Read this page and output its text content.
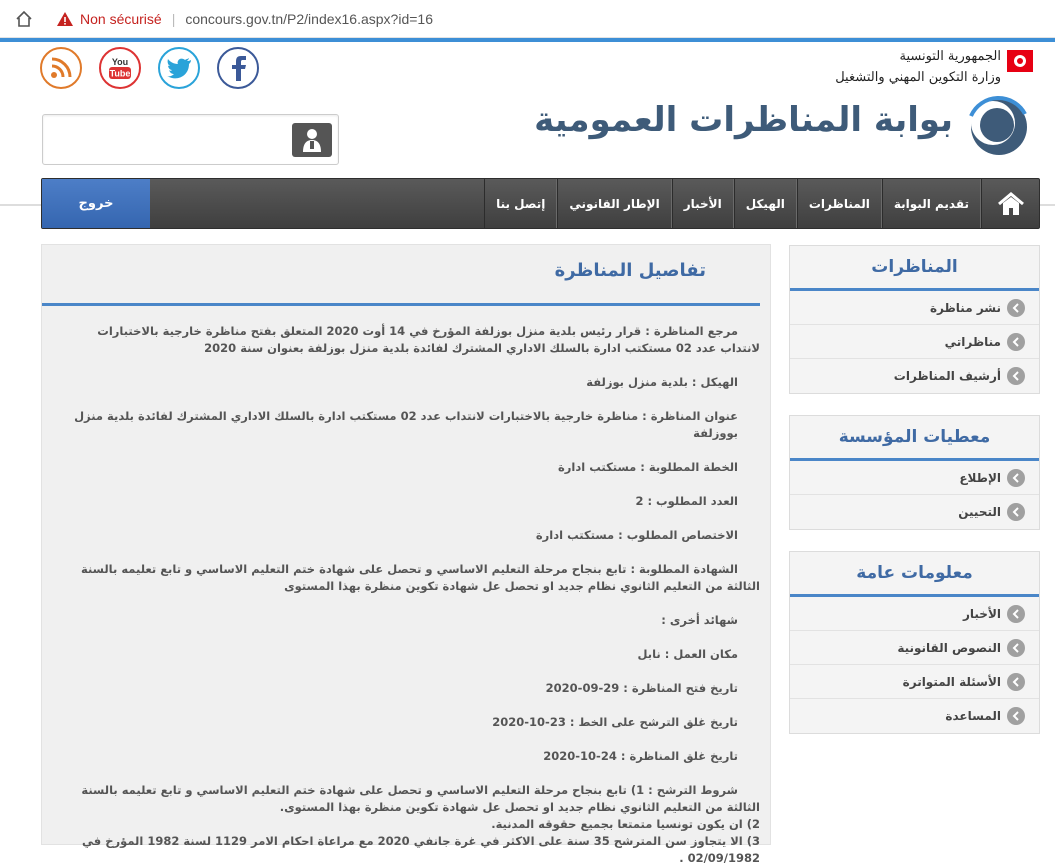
Non sécurisé | concours.gov.tn/P2/index16.aspx?id=16
You
Tube
الجمهورية التونسية
وزارة التكوين المهني والتشغيل
بوابة المناظرات العمومية
تقديم البوابة
المناظرات
الهيكل
الأخبار
الإطار القانوني
إتصل بنا
خروج
تفاصيل المناظرة
مرجع المناظرة : قرار رئيس بلدية منزل بوزلفة المؤرخ في 14 أوت 2020 المتعلق بفتح مناظرة خارجية بالاختبارات لانتداب عدد 02 مستكتب ادارة بالسلك الاداري المشترك لفائدة بلدية منزل بوزلفة بعنوان سنة 2020
الهيكل : بلدية منزل بوزلفة
عنوان المناظرة : مناظرة خارجية بالاختبارات لانتداب عدد 02 مستكتب ادارة بالسلك الاداري المشترك لفائدة بلدية منزل بووزلفة
الخطة المطلوبة : مستكتب ادارة
العدد المطلوب : 2
الاختصاص المطلوب : مستكتب ادارة
الشهادة المطلوبة : تابع بنجاح مرحلة التعليم الاساسي و تحصل على شهادة ختم التعليم الاساسي و تابع تعليمه بالسنة الثالثة من التعليم الثانوي نظام جديد او تحصل عل شهادة تكوين منظرة بهذا المستوى
شهائد أخرى :
مكان العمل : نابل
تاريخ فتح المناظرة : 29-09-2020
تاريخ غلق الترشح على الخط : 23-10-2020
تاريخ غلق المناظرة : 24-10-2020
شروط الترشح : 1) تابع بنجاح مرحلة التعليم الاساسي و تحصل على شهادة ختم التعليم الاساسي و تابع تعليمه بالسنة الثالثة من التعليم الثانوي نظام جديد او تحصل عل شهادة تكوين منظرة بهذا المستوى.
2) ان يكون تونسيا متمتعا بجميع حقوقه المدنية.
3) الا يتجاوز سن المترشح 35 سنة على الاكثر في غرة جانفي 2020 مع مراعاة احكام الامر 1129 لسنة 1982 المؤرخ في 02/09/1982 .
المناظرات
نشر مناظرة
مناظراتي
أرشيف المناظرات
معطيات المؤسسة
الإطلاع
التحيين
معلومات عامة
الأخبار
النصوص القانونية
الأسئلة المتواترة
المساعدة
